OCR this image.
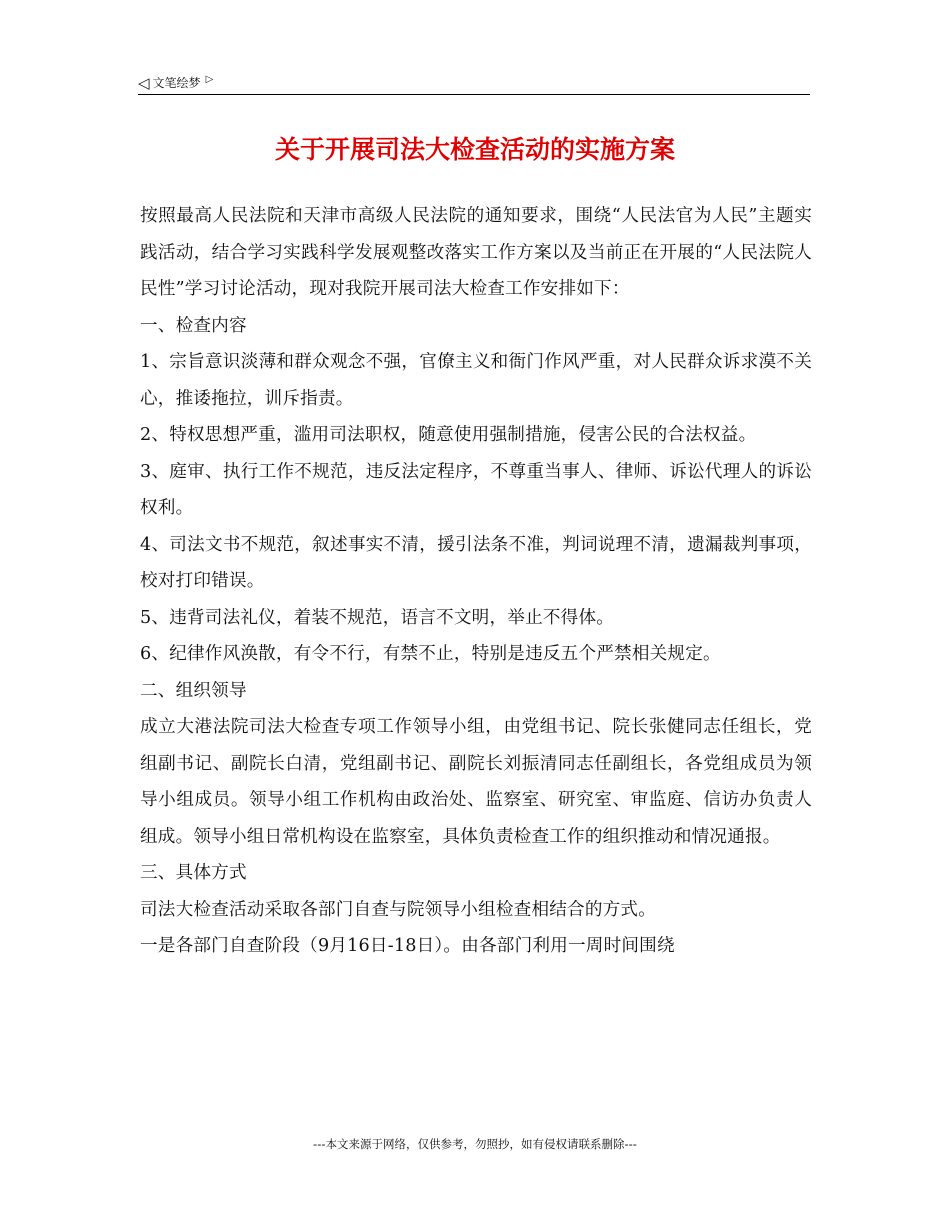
◁ 文笔绘梦 ▷
关于开展司法大检查活动的实施方案

按照最高人民法院和天津市高级人民法院的通知要求，围绕“人民法官为人民”主题实践活动，结合学习实践科学发展观整改落实工作方案以及当前正在开展的“人民法院人民性”学习讨论活动，现对我院开展司法大检查工作安排如下：

一、检查内容

1、宗旨意识淡薄和群众观念不强，官僚主义和衙门作风严重，对人民群众诉求漠不关心，推诿拖拉，训斥指责。

2、特权思想严重，滥用司法职权，随意使用强制措施，侵害公民的合法权益。

3、庭审、执行工作不规范，违反法定程序，不尊重当事人、律师、诉讼代理人的诉讼权利。

4、司法文书不规范，叙述事实不清，援引法条不准，判词说理不清，遗漏裁判事项，校对打印错误。

5、违背司法礼仪，着装不规范，语言不文明，举止不得体。

6、纪律作风涣散，有令不行，有禁不止，特别是违反五个严禁相关规定。

二、组织领导

成立大港法院司法大检查专项工作领导小组，由党组书记、院长张健同志任组长，党组副书记、副院长白清，党组副书记、副院长刘振清同志任副组长，各党组成员为领导小组成员。领导小组工作机构由政治处、监察室、研究室、审监庭、信访办负责人组成。领导小组日常机构设在监察室，具体负责检查工作的组织推动和情况通报。

三、具体方式

司法大检查活动采取各部门自查与院领导小组检查相结合的方式。

一是各部门自查阶段（9月16日-18日）。由各部门利用一周时间围绕

---本文来源于网络，仅供参考，勿照抄，如有侵权请联系删除---
